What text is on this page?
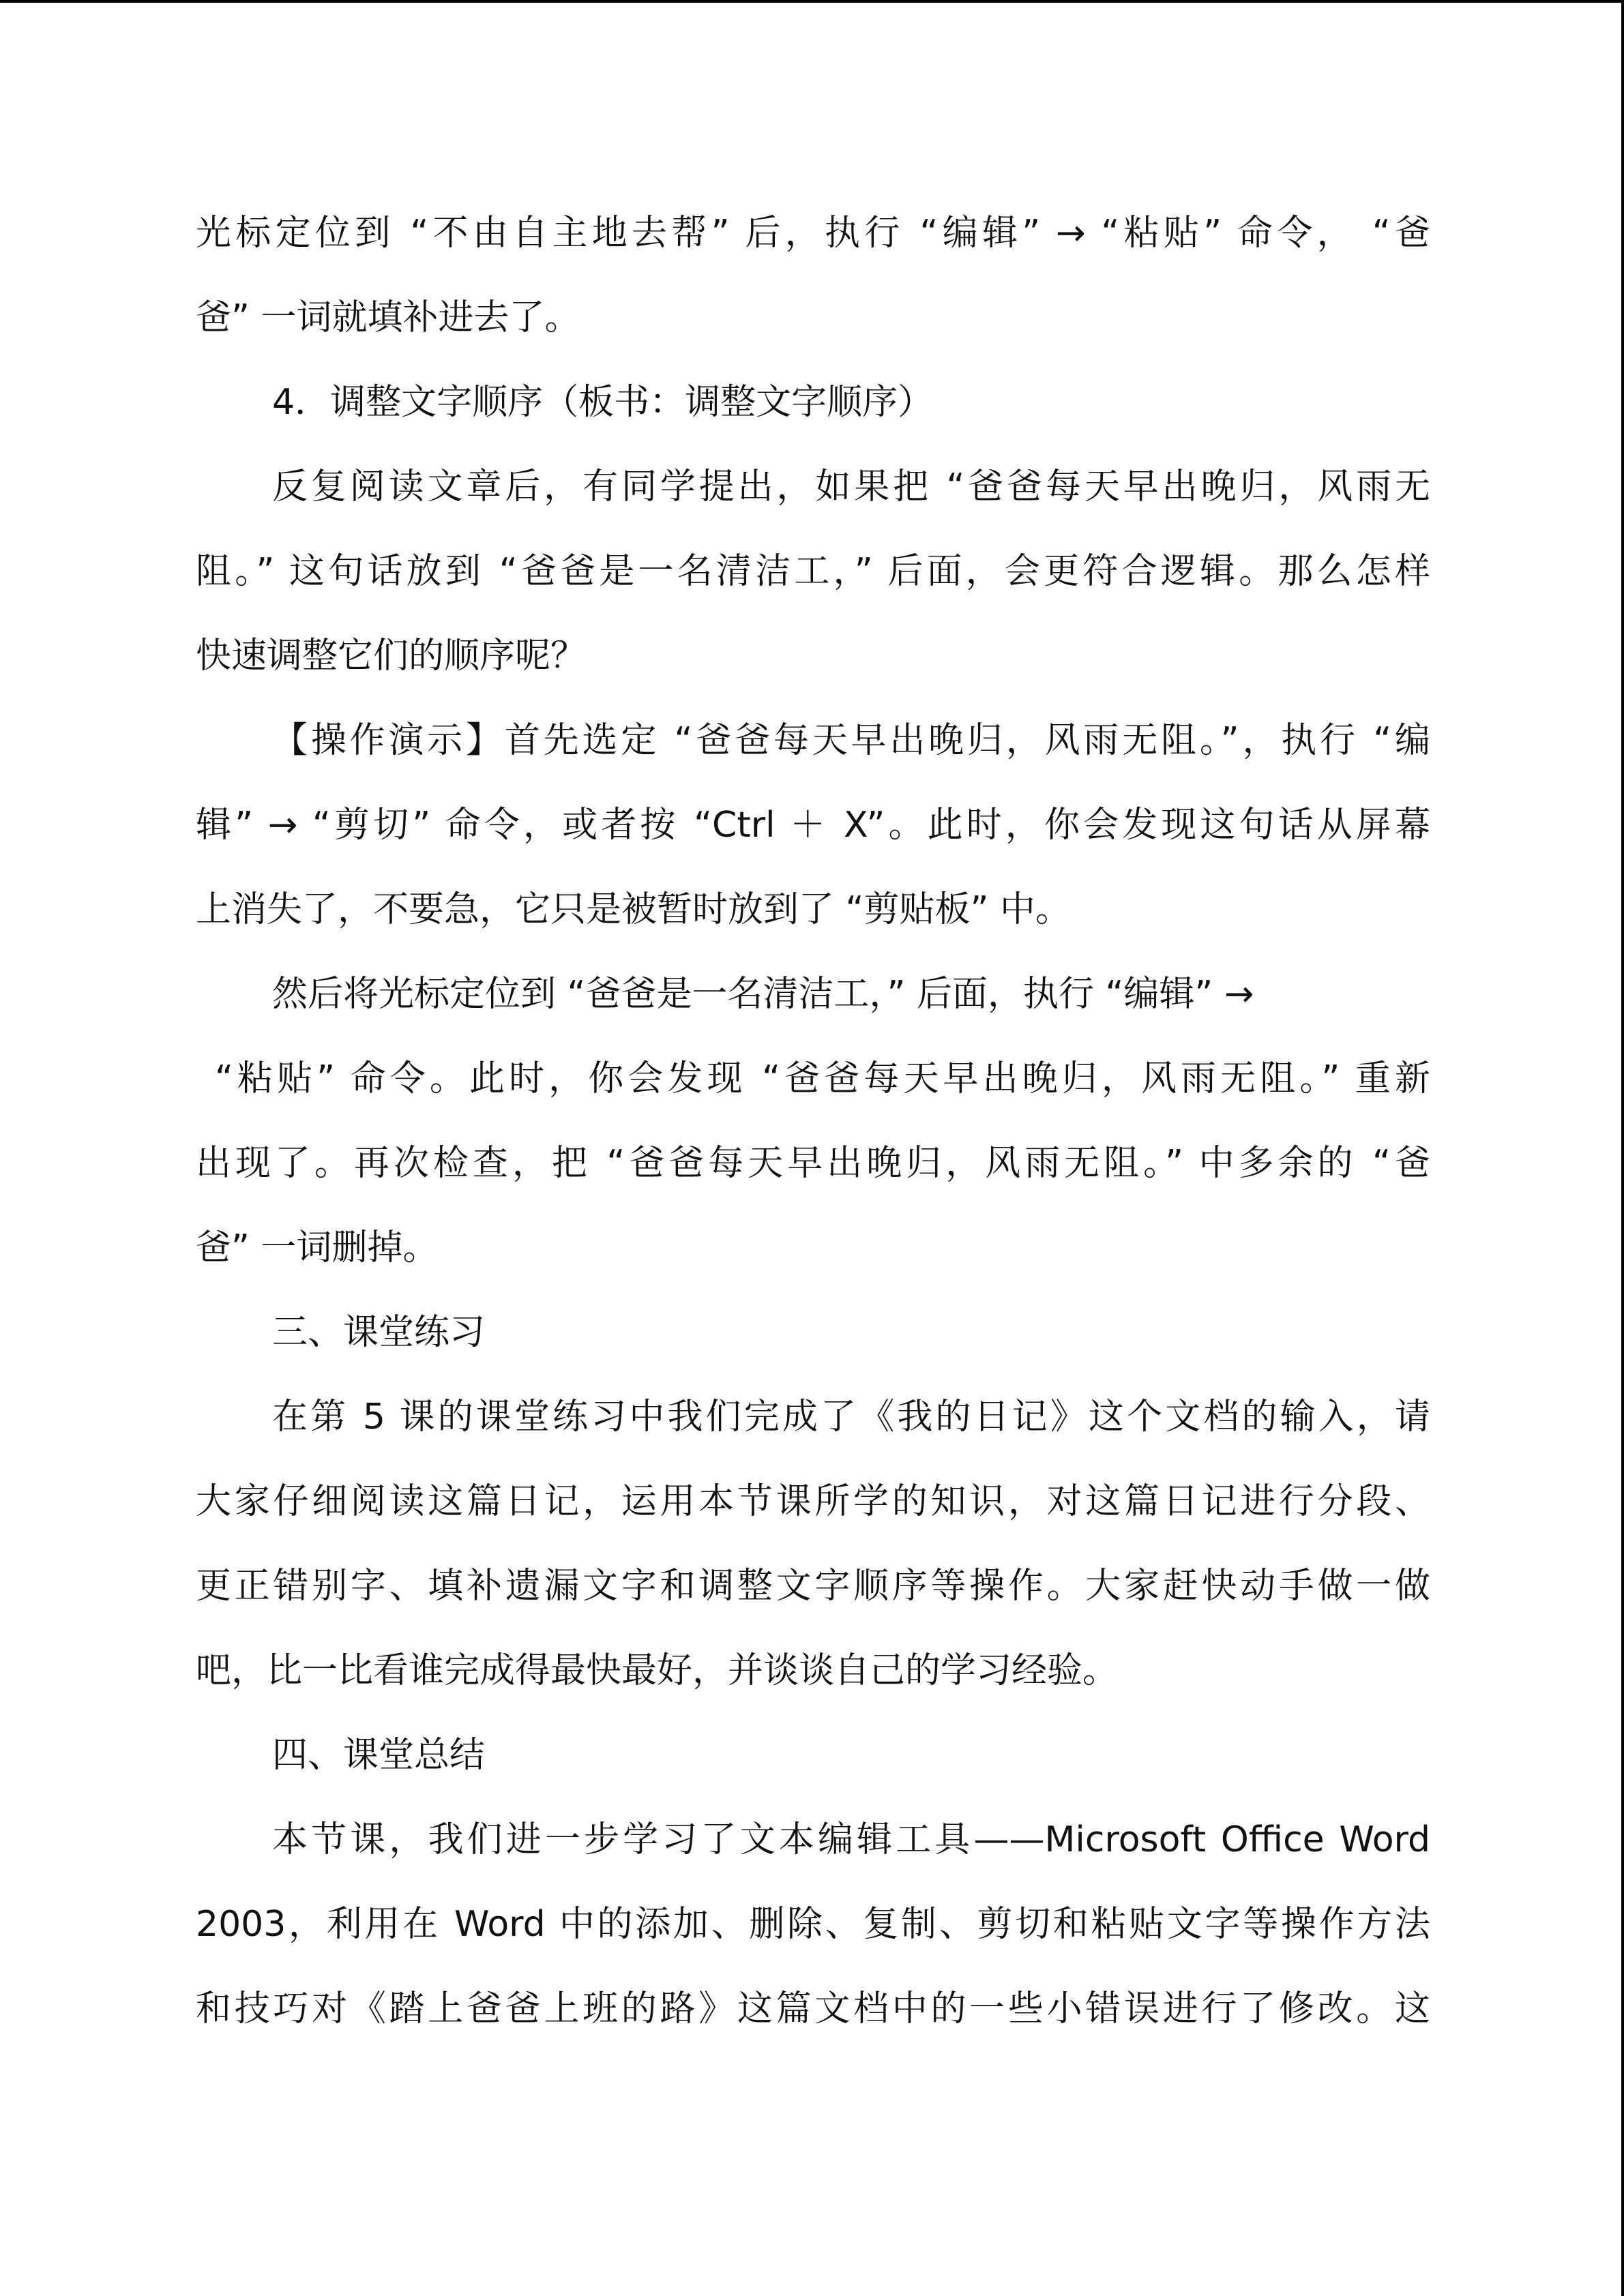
光标定位到 “不由自主地去帮” 后，执行 “编辑” → “粘贴” 命令， “爸
爸” 一词就填补进去了。
4．调整文字顺序（板书：调整文字顺序）
反复阅读文章后，有同学提出，如果把 “爸爸每天早出晚归，风雨无
阻。” 这句话放到 “爸爸是一名清洁工，” 后面，会更符合逻辑。那么怎样
快速调整它们的顺序呢？
【操作演示】首先选定 “爸爸每天早出晚归，风雨无阻。”，执行 “编
辑” → “剪切” 命令，或者按 “Ctrl ＋ X”。此时，你会发现这句话从屏幕
上消失了，不要急，它只是被暂时放到了 “剪贴板” 中。
然后将光标定位到 “爸爸是一名清洁工，” 后面，执行 “编辑” →
“粘贴” 命令。此时，你会发现 “爸爸每天早出晚归，风雨无阻。” 重新
出现了。再次检查，把 “爸爸每天早出晚归，风雨无阻。” 中多余的 “爸
爸” 一词删掉。
三、课堂练习
在第 5 课的课堂练习中我们完成了《我的日记》这个文档的输入，请
大家仔细阅读这篇日记，运用本节课所学的知识，对这篇日记进行分段、
更正错别字、填补遗漏文字和调整文字顺序等操作。大家赶快动手做一做
吧，比一比看谁完成得最快最好，并谈谈自己的学习经验。
四、课堂总结
本节课，我们进一步学习了文本编辑工具——Microsoft Office Word
2003，利用在 Word 中的添加、删除、复制、剪切和粘贴文字等操作方法
和技巧对《踏上爸爸上班的路》这篇文档中的一些小错误进行了修改。这
